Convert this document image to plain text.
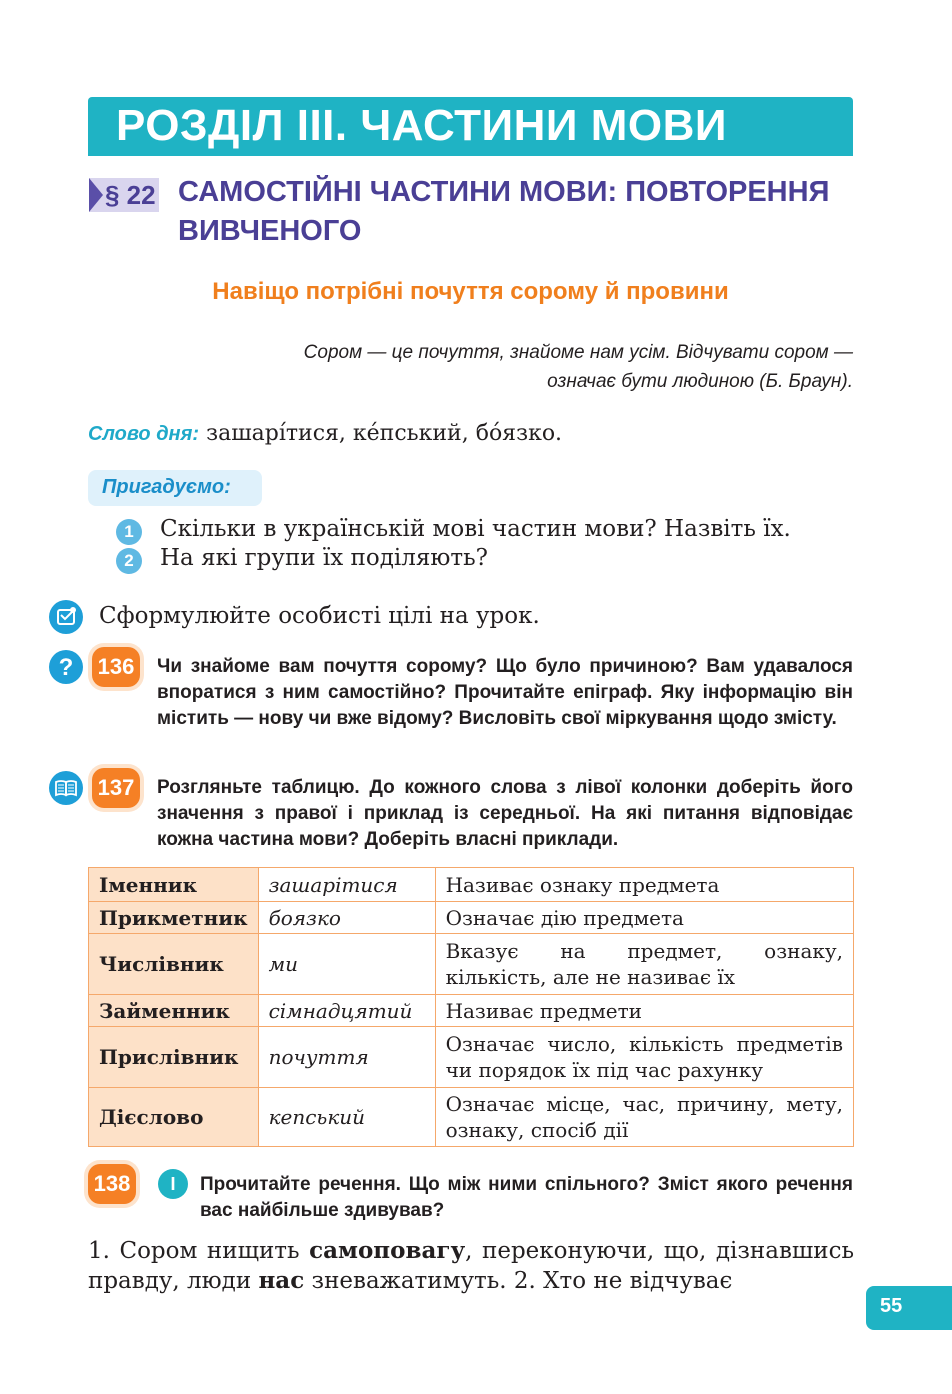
РОЗДІЛ ІІІ. ЧАСТИНИ МОВИ
§ 22 САМОСТІЙНІ ЧАСТИНИ МОВИ: ПОВТОРЕННЯ ВИВЧЕНОГО
Навіщо потрібні почуття сорому й провини
Сором — це почуття, знайоме нам усім. Відчувати сором —
означає бути людиною (Б. Браун).
Слово дня: зашарі́тися, ке́пський, бо́язко.
Пригадуємо:
1	Скільки в українській мові частин мови? Назвіть їх.
2	На які групи їх поділяють?
Сформулюйте особисті цілі на урок.
? 136 Чи знайоме вам почуття сорому? Що було причиною? Вам удавалося впоратися з ним самостійно? Прочитайте епіграф. Яку інформацію він містить — нову чи вже відому? Висловіть свої міркування щодо змісту.
137 Розгляньте таблицю. До кожного слова з лівої колонки доберіть його значення з правої і приклад із середньої. На які питання відповідає кожна частина мови? Доберіть власні приклади.
Іменник	зашарітися	Називає ознаку предмета
Прикметник	боязко	Означає дію предмета
Числівник	ми	Вказує на предмет, ознаку, кількість, але не називає їх
Займенник	сімнадцятий	Називає предмети
Прислівник	почуття	Означає число, кількість предметів чи порядок їх під час рахунку
Дієслово	кепський	Означає місце, час, причину, мету, ознаку, спосіб дії
138	І	Прочитайте речення. Що між ними спільного? Зміст якого речення вас найбільше здивував?
1. Сором нищить самоповагу, переконуючи, що, дізнавшись правду, люди нас зневажатимуть. 2. Хто не відчуває
55
